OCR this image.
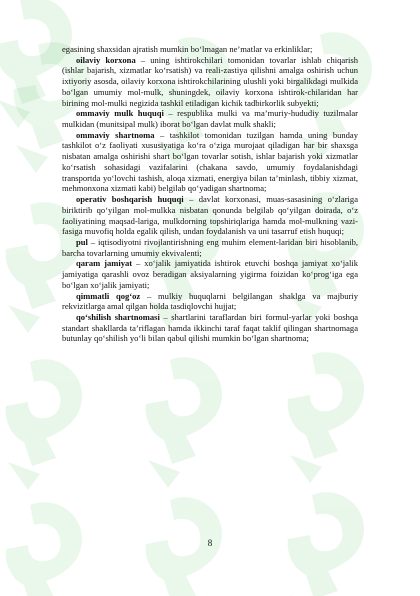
egasining shaxsidan ajratish mumkin bo‘lmagan ne’matlar va erkinliklar;

oilaviy korxona – uning ishtirokchilari tomonidan tovarlar ishlab chiqarish (ishlar bajarish, xizmatlar ko‘rsatish) va reali-zastiya qilishni amalga oshirish uchun ixtiyoriy asosda, oilaviy korxona ishtirokchilarining ulushli yoki birgalikdagi mulkida bo‘lgan umumiy mol-mulk, shuningdek, oilaviy korxona ishtirok-chilaridan har birining mol-mulki negizida tashkil etiladigan kichik tadbirkorlik subyekti;

ommaviy mulk huquqi – respublika mulki va ma’muriy-hududiy tuzilmalar mulkidan (munitsipal mulk) iborat bo‘lgan davlat mulk shakli;

ommaviy shartnoma – tashkilot tomonidan tuzilgan hamda uning bunday tashkilot o‘z faoliyati xususiyatiga ko‘ra o‘ziga murojaat qiladigan har bir shaxsga nisbatan amalga oshirishi shart bo‘lgan tovarlar sotish, ishlar bajarish yoki xizmatlar ko‘rsatish sohasidagi vazifalarini (chakana savdo, umumiy foydalanishdagi transportda yo‘lovchi tashish, aloqa xizmati, energiya bilan ta’minlash, tibbiy xizmat, mehmonxona xizmati kabi) belgilab qo‘yadigan shartnoma;

operativ boshqarish huquqi – davlat korxonasi, muas-sasasining o‘zlariga biriktirib qo‘yilgan mol-mulkka nisbatan qonunda belgilab qo‘yilgan doirada, o‘z faoliyatining maqsad-lariga, mulkdorning topshiriqlariga hamda mol-mulkning vazi-fasiga muvofiq holda egalik qilish, undan foydalanish va uni tasarruf etish huquqi;

pul – iqtisodiyotni rivojlantirishning eng muhim element-laridan biri hisoblanib, barcha tovarlarning umumiy ekvivalenti;

qaram jamiyat – xo‘jalik jamiyatida ishtirok etuvchi boshqa jamiyat xo‘jalik jamiyatiga qarashli ovoz beradigan aksiyalarning yigirma foizidan ko‘prog‘iga ega bo‘lgan xo‘jalik jamiyati;

qimmatli qog‘oz – mulkiy huquqlarni belgilangan shaklga va majburiy rekvizitlarga amal qilgan holda tasdiqlovchi hujjat;

qo‘shilish shartnomasi – shartlarini taraflardan biri formul-yarlar yoki boshqa standart shakllarda ta’riflagan hamda ikkinchi taraf faqat taklif qilingan shartnomaga butunlay qo‘shilish yo‘li bilan qabul qilishi mumkin bo‘lgan shartnoma;

8
